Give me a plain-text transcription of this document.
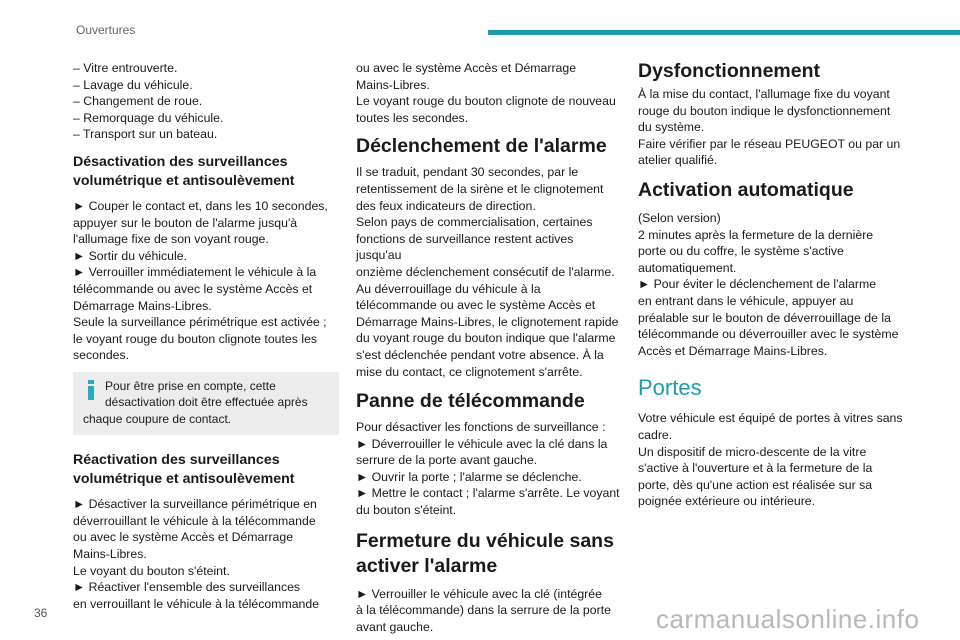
Ouvertures
– Vitre entrouverte.
– Lavage du véhicule.
– Changement de roue.
– Remorquage du véhicule.
– Transport sur un bateau.

Désactivation des surveillances
volumétrique et antisoulèvement

► Couper le contact et, dans les 10 secondes,

appuyer sur le bouton de l'alarme jusqu'à

l'allumage fixe de son voyant rouge.

► Sortir du véhicule.

► Verrouiller immédiatement le véhicule à la

télécommande ou avec le système Accès et

Démarrage Mains-Libres.

Seule la surveillance périmétrique est activée ;

le voyant rouge du bouton clignote toutes les

secondes.

Pour être prise en compte, cette

désactivation doit être effectuée après

chaque coupure de contact.

Réactivation des surveillances
volumétrique et antisoulèvement

► Désactiver la surveillance périmétrique en

déverrouillant le véhicule à la télécommande

ou avec le système Accès et Démarrage

Mains-Libres.

Le voyant du bouton s'éteint.

► Réactiver l'ensemble des surveillances

en verrouillant le véhicule à la télécommande

ou avec le système Accès et Démarrage

Mains-Libres.

Le voyant rouge du bouton clignote de nouveau

toutes les secondes.

Déclenchement de l'alarme

Il se traduit, pendant 30 secondes, par le

retentissement de la sirène et le clignotement

des feux indicateurs de direction.

Selon pays de commercialisation, certaines

fonctions de surveillance restent actives jusqu'au

onzième déclenchement consécutif de l'alarme.

Au déverrouillage du véhicule à la

télécommande ou avec le système Accès et

Démarrage Mains-Libres, le clignotement rapide

du voyant rouge du bouton indique que l'alarme

s'est déclenchée pendant votre absence. À la

mise du contact, ce clignotement s'arrête.

Panne de télécommande

Pour désactiver les fonctions de surveillance :

► Déverrouiller le véhicule avec la clé dans la

serrure de la porte avant gauche.

► Ouvrir la porte ; l'alarme se déclenche.

► Mettre le contact ; l'alarme s'arrête. Le voyant

du bouton s'éteint.

Fermeture du véhicule sans
activer l'alarme

► Verrouiller le véhicule avec la clé (intégrée

à la télécommande) dans la serrure de la porte

avant gauche.

Dysfonctionnement

À la mise du contact, l'allumage fixe du voyant

rouge du bouton indique le dysfonctionnement

du système.

Faire vérifier par le réseau PEUGEOT ou par un

atelier qualifié.

Activation automatique

(Selon version)

2 minutes après la fermeture de la dernière

porte ou du coffre, le système s'active

automatiquement.

► Pour éviter le déclenchement de l'alarme

en entrant dans le véhicule, appuyer au

préalable sur le bouton de déverrouillage de la

télécommande ou déverrouiller avec le système

Accès et Démarrage Mains-Libres.

Portes

Votre véhicule est équipé de portes à vitres sans

cadre.

Un dispositif de micro-descente de la vitre

s'active à l'ouverture et à la fermeture de la

porte, dès qu'une action est réalisée sur sa

poignée extérieure ou intérieure.

36	carmanualsonline.info
